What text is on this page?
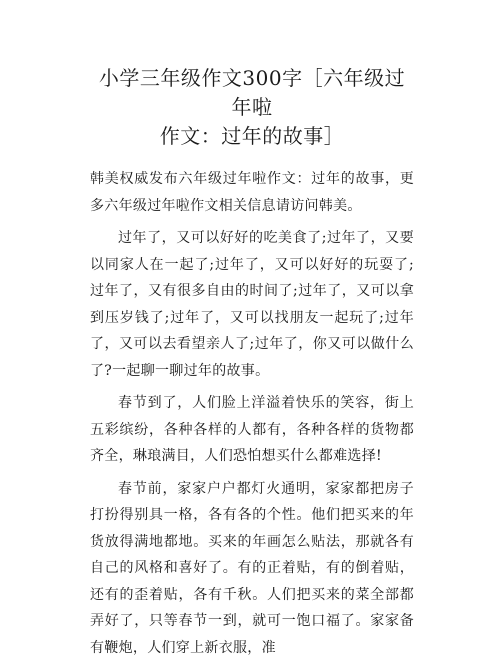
小学三年级作文300字［六年级过年啦
作文：过年的故事］

韩美权威发布六年级过年啦作文：过年的故事，更多六年级过年啦作文相关信息请访问韩美。

过年了，又可以好好的吃美食了;过年了，又要以同家人在一起了;过年了，又可以好好的玩耍了;过年了，又有很多自由的时间了;过年了，又可以拿到压岁钱了;过年了，又可以找朋友一起玩了;过年了，又可以去看望亲人了;过年了，你又可以做什么了?一起聊一聊过年的故事。

春节到了，人们脸上洋溢着快乐的笑容，街上五彩缤纷，各种各样的人都有，各种各样的货物都齐全，琳琅满目，人们恐怕想买什么都难选择!

春节前，家家户户都灯火通明，家家都把房子打扮得别具一格，各有各的个性。他们把买来的年货放得满地都地。买来的年画怎么贴法，那就各有自己的风格和喜好了。有的正着贴，有的倒着贴，还有的歪着贴，各有千秋。人们把买来的菜全部都弄好了，只等春节一到，就可一饱口福了。家家备有鞭炮，人们穿上新衣服，准
